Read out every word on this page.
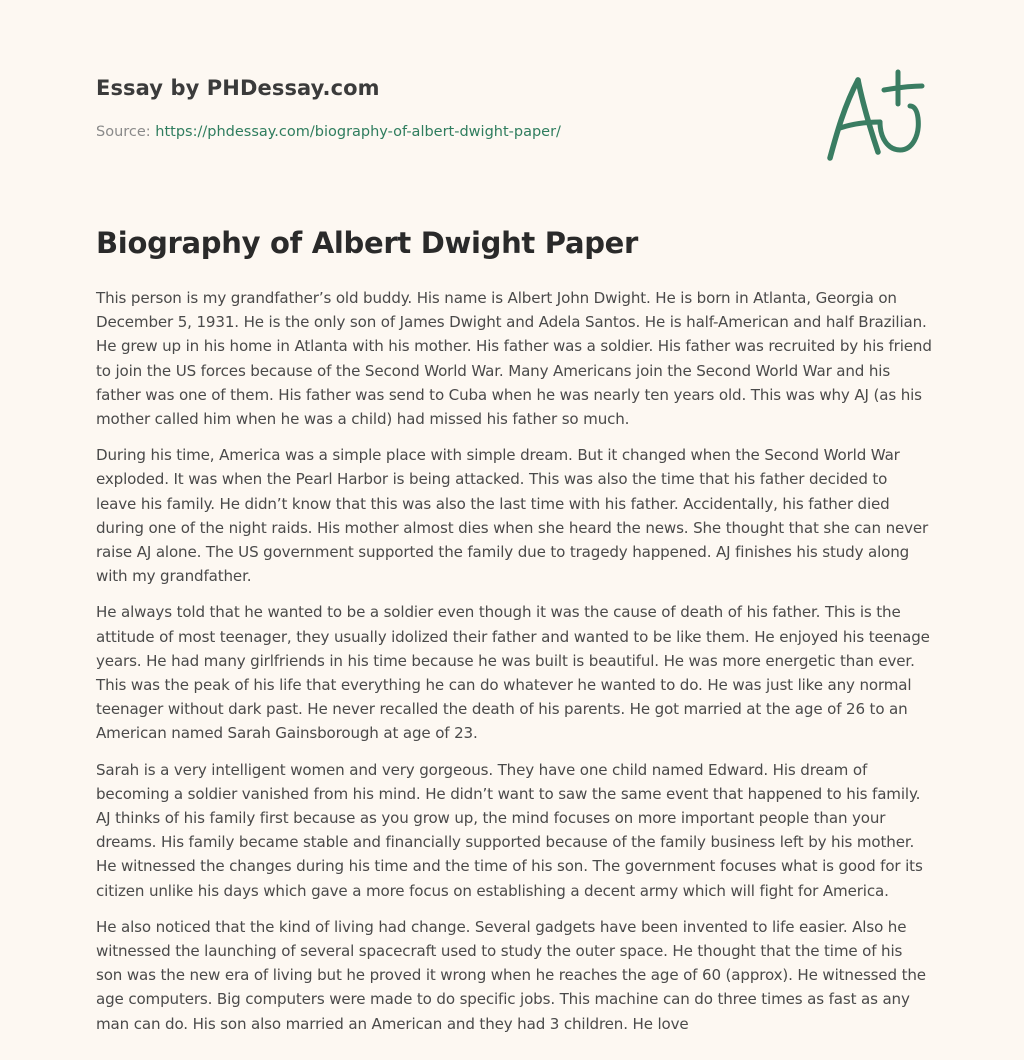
Essay by PHDessay.com
Source: https://phdessay.com/biography-of-albert-dwight-paper/
Biography of Albert Dwight Paper

This person is my grandfather’s old buddy. His name is Albert John Dwight. He is born in Atlanta, Georgia on December 5, 1931. He is the only son of James Dwight and Adela Santos. He is half-American and half Brazilian. He grew up in his home in Atlanta with his mother. His father was a soldier. His father was recruited by his friend to join the US forces because of the Second World War. Many Americans join the Second World War and his father was one of them. His father was send to Cuba when he was nearly ten years old. This was why AJ (as his mother called him when he was a child) had missed his father so much.

During his time, America was a simple place with simple dream. But it changed when the Second World War exploded. It was when the Pearl Harbor is being attacked. This was also the time that his father decided to leave his family. He didn’t know that this was also the last time with his father. Accidentally, his father died during one of the night raids. His mother almost dies when she heard the news. She thought that she can never raise AJ alone. The US government supported the family due to tragedy happened. AJ finishes his study along with my grandfather.

He always told that he wanted to be a soldier even though it was the cause of death of his father. This is the attitude of most teenager, they usually idolized their father and wanted to be like them. He enjoyed his teenage years. He had many girlfriends in his time because he was built is beautiful. He was more energetic than ever. This was the peak of his life that everything he can do whatever he wanted to do. He was just like any normal teenager without dark past. He never recalled the death of his parents. He got married at the age of 26 to an American named Sarah Gainsborough at age of 23.

Sarah is a very intelligent women and very gorgeous. They have one child named Edward. His dream of becoming a soldier vanished from his mind. He didn’t want to saw the same event that happened to his family. AJ thinks of his family first because as you grow up, the mind focuses on more important people than your dreams. His family became stable and financially supported because of the family business left by his mother. He witnessed the changes during his time and the time of his son. The government focuses what is good for its citizen unlike his days which gave a more focus on establishing a decent army which will fight for America.

He also noticed that the kind of living had change. Several gadgets have been invented to life easier. Also he witnessed the launching of several spacecraft used to study the outer space. He thought that the time of his son was the new era of living but he proved it wrong when he reaches the age of 60 (approx). He witnessed the age computers. Big computers were made to do specific jobs. This machine can do three times as fast as any man can do. His son also married an American and they had 3 children. He love
